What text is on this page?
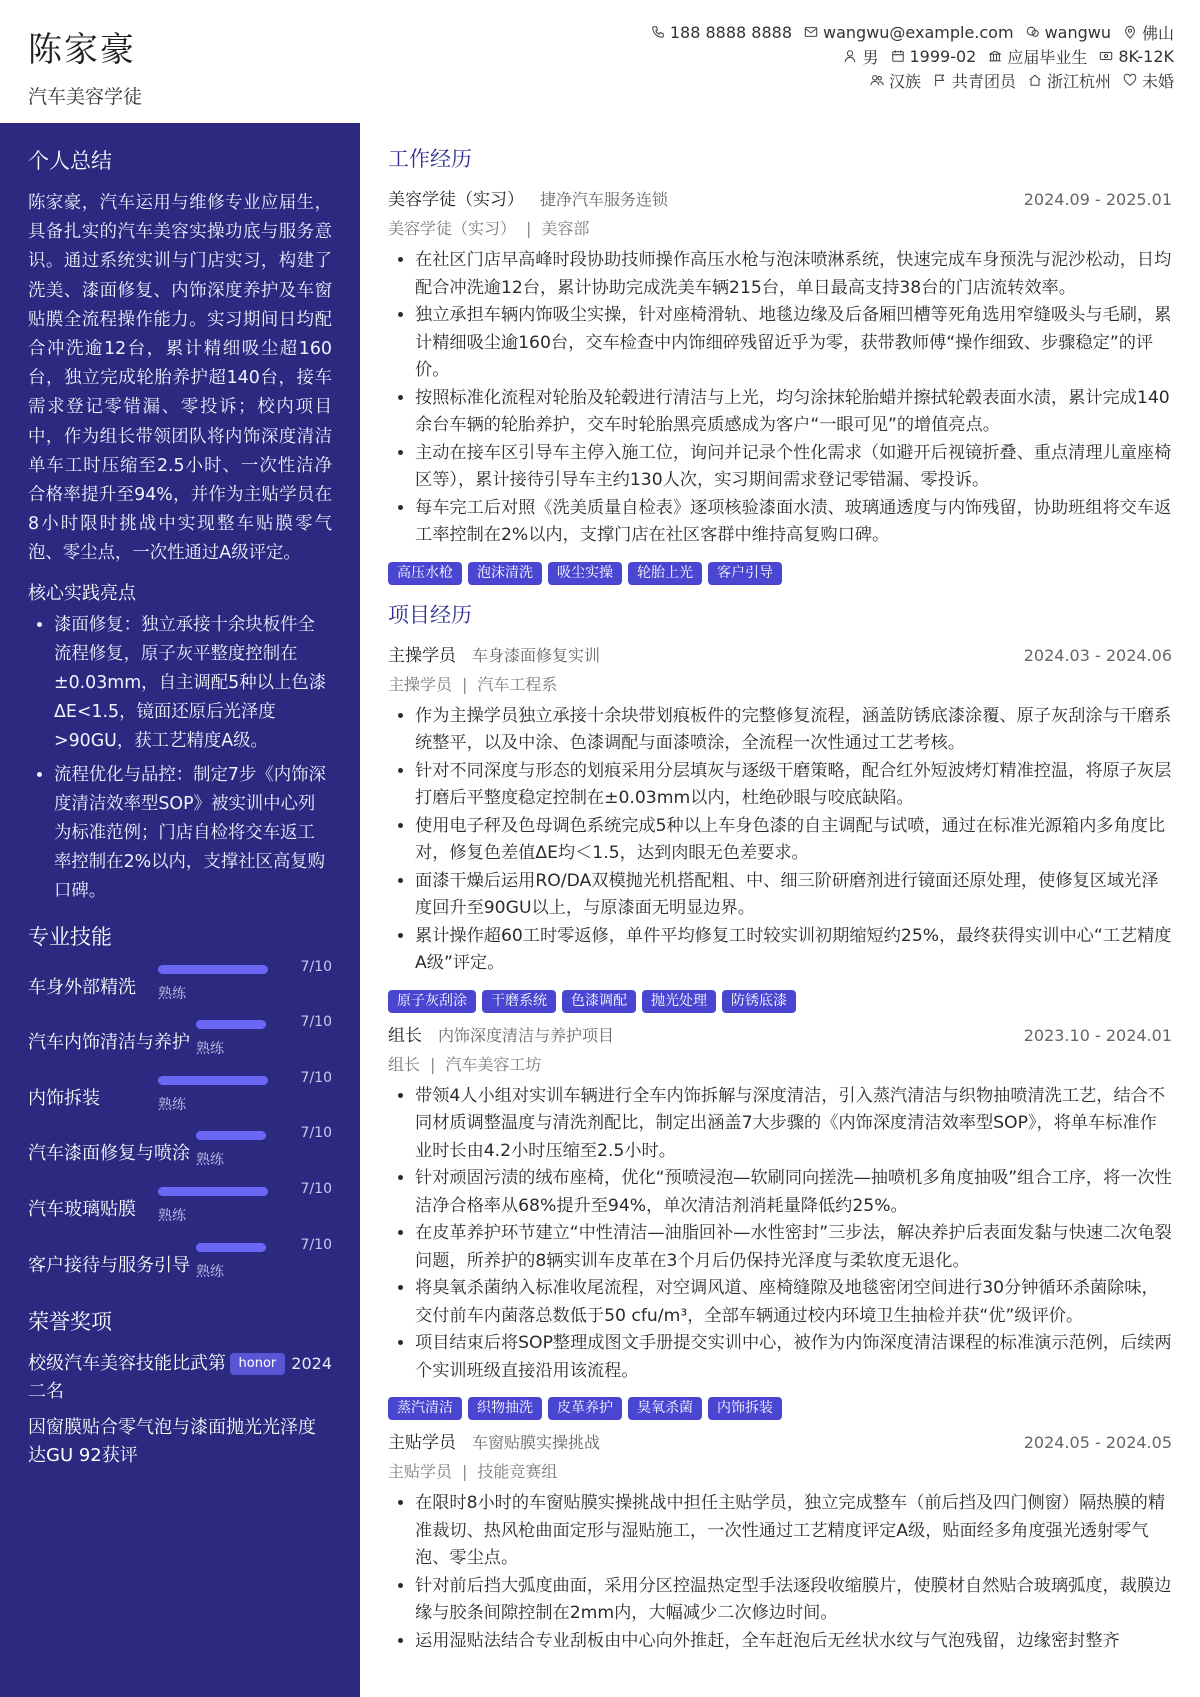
陈家豪
汽车美容学徒
188 8888 8888 wangwu@example.com wangwu 佛山
男 1999-02 应届毕业生 8K-12K
汉族 共青团员 浙江杭州 未婚
个人总结

陈家豪，汽车运用与维修专业应届生，具备扎实的汽车美容实操功底与服务意识。通过系统实训与门店实习，构建了洗美、漆面修复、内饰深度养护及车窗贴膜全流程操作能力。实习期间日均配合冲洗逾12台，累计精细吸尘超160台，独立完成轮胎养护超140台，接车需求登记零错漏、零投诉；校内项目中，作为组长带领团队将内饰深度清洁单车工时压缩至2.5小时、一次性洁净合格率提升至94%，并作为主贴学员在8小时限时挑战中实现整车贴膜零气泡、零尘点，一次性通过A级评定。

核心实践亮点
• 漆面修复：独立承接十余块板件全流程修复，原子灰平整度控制在±0.03mm，自主调配5种以上色漆ΔE<1.5，镜面还原后光泽度>90GU，获工艺精度A级。
• 流程优化与品控：制定7步《内饰深度清洁效率型SOP》被实训中心列为标准范例；门店自检将交车返工率控制在2%以内，支撑社区高复购口碑。
专业技能
车身外部精洗
7/10
熟练
汽车内饰清洁与养护
7/10
熟练
内饰拆装
7/10
熟练
汽车漆面修复与喷涂
7/10
熟练
汽车玻璃贴膜
7/10
熟练
客户接待与服务引导
7/10
熟练
荣誉奖项
校级汽车美容技能比武第二名
honor 2024
因窗膜贴合零气泡与漆面抛光光泽度达GU 92获评
工作经历
美容学徒（实习） 捷净汽车服务连锁	2024.09 - 2025.01
美容学徒（实习） | 美容部
• 在社区门店早高峰时段协助技师操作高压水枪与泡沫喷淋系统，快速完成车身预洗与泥沙松动，日均配合冲洗逾12台，累计协助完成洗美车辆215台，单日最高支持38台的门店流转效率。
• 独立承担车辆内饰吸尘实操，针对座椅滑轨、地毯边缘及后备厢凹槽等死角选用窄缝吸头与毛刷，累计精细吸尘逾160台，交车检查中内饰细碎残留近乎为零，获带教师傅“操作细致、步骤稳定”的评价。
• 按照标准化流程对轮胎及轮毂进行清洁与上光，均匀涂抹轮胎蜡并擦拭轮毂表面水渍，累计完成140余台车辆的轮胎养护，交车时轮胎黑亮质感成为客户“一眼可见”的增值亮点。
• 主动在接车区引导车主停入施工位，询问并记录个性化需求（如避开后视镜折叠、重点清理儿童座椅区等），累计接待引导车主约130人次，实习期间需求登记零错漏、零投诉。
• 每车完工后对照《洗美质量自检表》逐项核验漆面水渍、玻璃通透度与内饰残留，协助班组将交车返工率控制在2%以内，支撑门店在社区客群中维持高复购口碑。
高压水枪	泡沫清洗	吸尘实操	轮胎上光	客户引导
项目经历
主操学员 车身漆面修复实训	2024.03 - 2024.06
主操学员 | 汽车工程系
• 作为主操学员独立承接十余块带划痕板件的完整修复流程，涵盖防锈底漆涂覆、原子灰刮涂与干磨系统整平，以及中涂、色漆调配与面漆喷涂，全流程一次性通过工艺考核。
• 针对不同深度与形态的划痕采用分层填灰与逐级干磨策略，配合红外短波烤灯精准控温，将原子灰层打磨后平整度稳定控制在±0.03mm以内，杜绝砂眼与咬底缺陷。
• 使用电子秤及色母调色系统完成5种以上车身色漆的自主调配与试喷，通过在标准光源箱内多角度比对，修复色差值ΔE均＜1.5，达到肉眼无色差要求。
• 面漆干燥后运用RO/DA双模抛光机搭配粗、中、细三阶研磨剂进行镜面还原处理，使修复区域光泽度回升至90GU以上，与原漆面无明显边界。
• 累计操作超60工时零返修，单件平均修复工时较实训初期缩短约25%，最终获得实训中心“工艺精度A级”评定。
原子灰刮涂	干磨系统	色漆调配	抛光处理	防锈底漆
组长 内饰深度清洁与养护项目	2023.10 - 2024.01
组长 | 汽车美容工坊
• 带领4人小组对实训车辆进行全车内饰拆解与深度清洁，引入蒸汽清洁与织物抽喷清洗工艺，结合不同材质调整温度与清洗剂配比，制定出涵盖7大步骤的《内饰深度清洁效率型SOP》，将单车标准作业时长由4.2小时压缩至2.5小时。
• 针对顽固污渍的绒布座椅，优化“预喷浸泡—软刷同向搓洗—抽喷机多角度抽吸”组合工序，将一次性洁净合格率从68%提升至94%，单次清洁剂消耗量降低约25%。
• 在皮革养护环节建立“中性清洁—油脂回补—水性密封”三步法，解决养护后表面发黏与快速二次龟裂问题，所养护的8辆实训车皮革在3个月后仍保持光泽度与柔软度无退化。
• 将臭氧杀菌纳入标准收尾流程，对空调风道、座椅缝隙及地毯密闭空间进行30分钟循环杀菌除味，交付前车内菌落总数低于50 cfu/m³，全部车辆通过校内环境卫生抽检并获“优”级评价。
• 项目结束后将SOP整理成图文手册提交实训中心，被作为内饰深度清洁课程的标准演示范例，后续两个实训班级直接沿用该流程。
蒸汽清洁	织物抽洗	皮革养护	臭氧杀菌	内饰拆装
主贴学员 车窗贴膜实操挑战	2024.05 - 2024.05
主贴学员 | 技能竞赛组
• 在限时8小时的车窗贴膜实操挑战中担任主贴学员，独立完成整车（前后挡及四门侧窗）隔热膜的精准裁切、热风枪曲面定形与湿贴施工，一次性通过工艺精度评定A级，贴面经多角度强光透射零气泡、零尘点。
• 针对前后挡大弧度曲面，采用分区控温热定型手法逐段收缩膜片，使膜材自然贴合玻璃弧度，裁膜边缘与胶条间隙控制在2mm内，大幅减少二次修边时间。
• 运用湿贴法结合专业刮板由中心向外推赶，全车赶泡后无丝状水纹与气泡残留，边缘密封整齐
